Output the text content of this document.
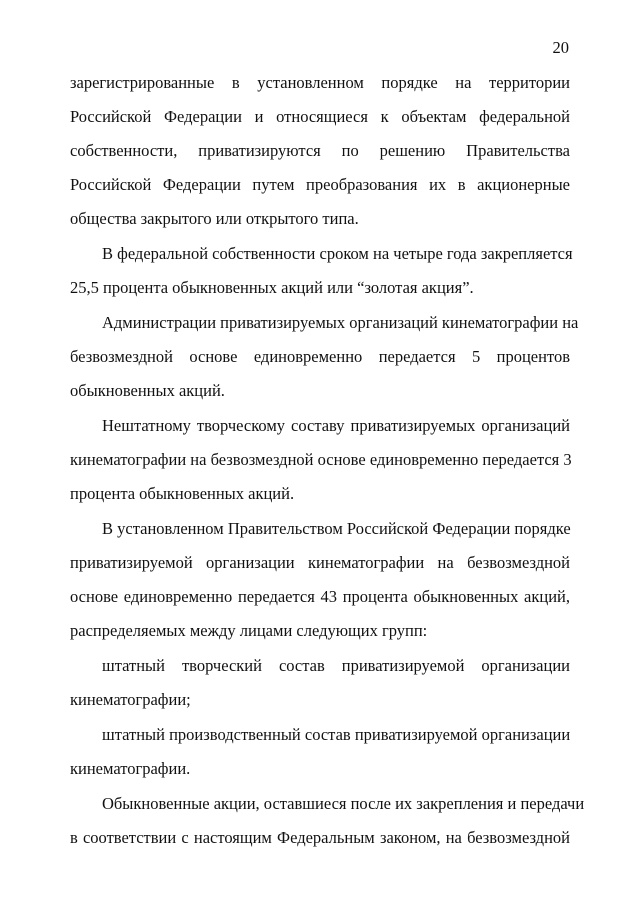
20
зарегистрированные в установленном порядке на территории
Российской Федерации и относящиеся к объектам федеральной
собственности, приватизируются по решению Правительства
Российской Федерации путем преобразования их в акционерные
общества закрытого или открытого типа.
В федеральной собственности сроком на четыре года закрепляется
25,5 процента обыкновенных акций или “золотая акция”.
Администрации приватизируемых организаций кинематографии на
безвозмездной основе единовременно передается 5 процентов
обыкновенных акций.
Нештатному творческому составу приватизируемых организаций
кинематографии на безвозмездной основе единовременно передается 3
процента обыкновенных акций.
В установленном Правительством Российской Федерации порядке
приватизируемой организации кинематографии на безвозмездной
основе единовременно передается 43 процента обыкновенных акций,
распределяемых между лицами следующих групп:
штатный творческий состав приватизируемой организации
кинематографии;
штатный производственный состав приватизируемой организации
кинематографии.
Обыкновенные акции, оставшиеся после их закрепления и передачи
в соответствии с настоящим Федеральным законом, на безвозмездной
